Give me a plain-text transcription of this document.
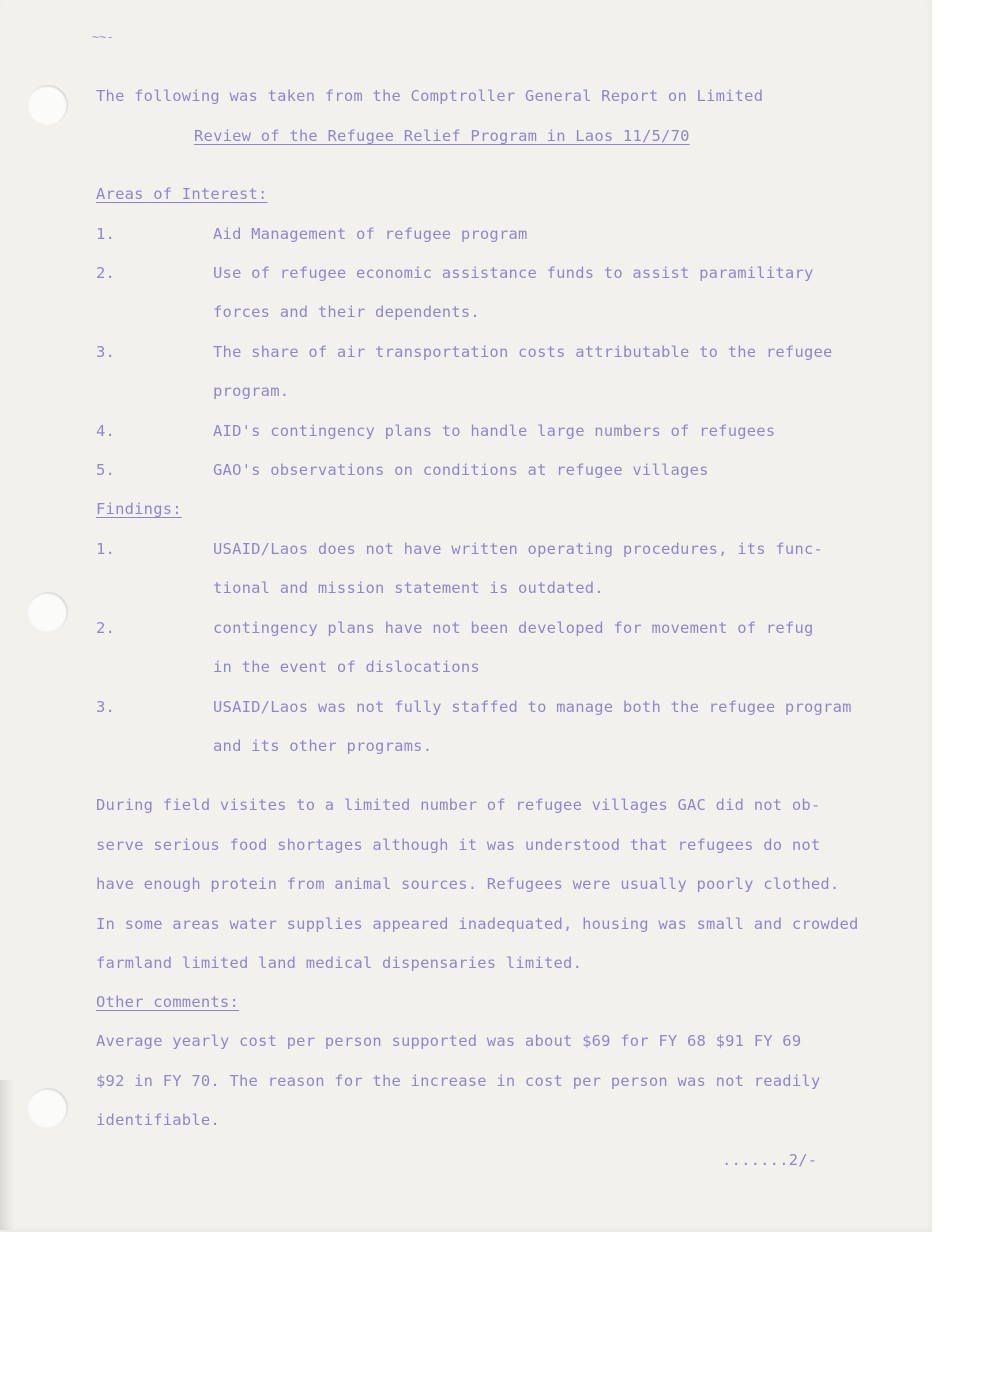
~~-
The following was taken from the Comptroller General Report on Limited
Review of the Refugee Relief Program in Laos 11/5/70
Areas of Interest:
1.	Aid Management of refugee program
2.	Use of refugee economic assistance funds to assist paramilitary
forces and their dependents.
3.	The share of air transportation costs attributable to the refugee
program.
4.	AID's contingency plans to handle large numbers of refugees
5.	GAO's observations on conditions at refugee villages
Findings:
1.	USAID/Laos does not have written operating procedures, its func-
tional and mission statement is outdated.
2.	contingency plans have not been developed for movement of refug
in the event of dislocations
3.	USAID/Laos was not fully staffed to manage both the refugee program
and its other programs.
During field visites to a limited number of refugee villages GAC did not ob-
serve serious food shortages although it was understood that refugees do not
have enough protein from animal sources. Refugees were usually poorly clothed.
In some areas water supplies appeared inadequated, housing was small and crowded
farmland limited land medical dispensaries limited.
Other comments:
Average yearly cost per person supported was about $69 for FY 68 $91 FY 69
$92 in FY 70. The reason for the increase in cost per person was not readily
identifiable.
.......2/-
